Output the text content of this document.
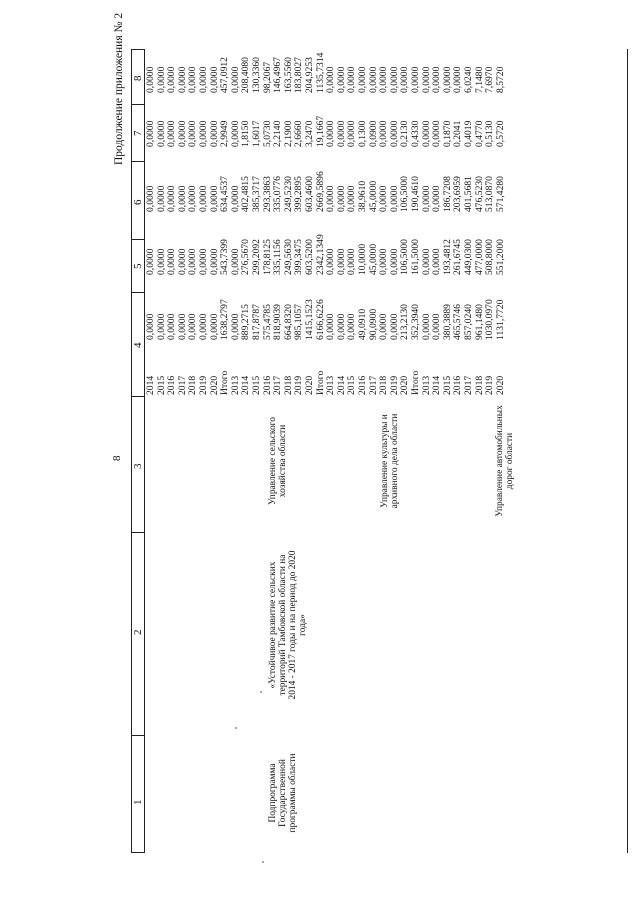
8
Продолжение приложения № 2
1
2
3
4
5
6
7
8
Подпрограмма Государственной программы области
«Устойчивое развитие сельских территорий Тамбовской области на 2014 - 2017 годы и на период до 2020 года»
Управление сельского хозяйства области	Управление культуры и архивного дела области	Управление автомобильных дорог области
2014
0,0000
0,0000
0,0000
0,0000
0,0000
2015
0,0000
0,0000
0,0000
0,0000
0,0000
2016
0,0000
0,0000
0,0000
0,0000
0,0000
2017
0,0000
0,0000
0,0000
0,0000
0,0000
2018
0,0000
0,0000
0,0000
0,0000
0,0000
2019
0,0000
0,0000
0,0000
0,0000
0,0000
2020
0,0000
0,0000
0,0000
0,0000
0,0000
Итого
1638,2797
543,7399
634,4537
2,9949
457,0912
2013
0,0000
0,0000
0,0000
0,0000
0,0000
2014
889,2715
276,5670
402,4815
1,8150
208,4080
2015
817,8787
299,2092
385,3717
1,6017
130,3360
2016
575,4785
178,8125
293,3863
5,0730
98,2067
2017
818,9039
335,1156
335,0776
2,2140
146,4967
2018
664,8320
249,5630
249,5230
2,1900
163,5560
2019
985,1057
399,3475
399,2895
2,6660
183,8027
2020
1415,1523
603,5200
603,4600
3,2470
204,9253
Итого
6166,6226
2342,1349
2669,5896
19,1667
1135,7314
2013
0,0000
0,0000
0,0000
0,0000
0,0000
2014
0,0000
0,0000
0,0000
0,0000
0,0000
2015
0,0000
0,0000
0,0000
0,0000
0,0000
2016
49,0910
10,0000
38,9610
0,1300
0,0000
2017
90,0900
45,0000
45,0000
0,0900
0,0000
2018
0,0000
0,0000
0,0000
0,0000
0,0000
2019
0,0000
0,0000
0,0000
0,0000
0,0000
2020
213,2130
106,5000
106,5000
0,2130
0,0000
Итого
352,3940
161,5000
190,4610
0,4330
0,0000
2013
0,0000
0,0000
0,0000
0,0000
0,0000
2014
0,0000
0,0000
0,0000
0,0000
0,0000
2015
380,3889
193,4812
186,7208
0,1870
0,0000
2016
465,5746
261,6745
203,6959
0,2041
0,0000
2017
857,0240
449,0300
401,5681
0,4019
6,0240
2018
961,1480
477,0000
476,5230
0,4770
7,1480
2019
1030,0970
508,8000
513,0870
0,5130
7,6970
2020
1131,7720
551,2000
571,4280
0,5720
8,5720
